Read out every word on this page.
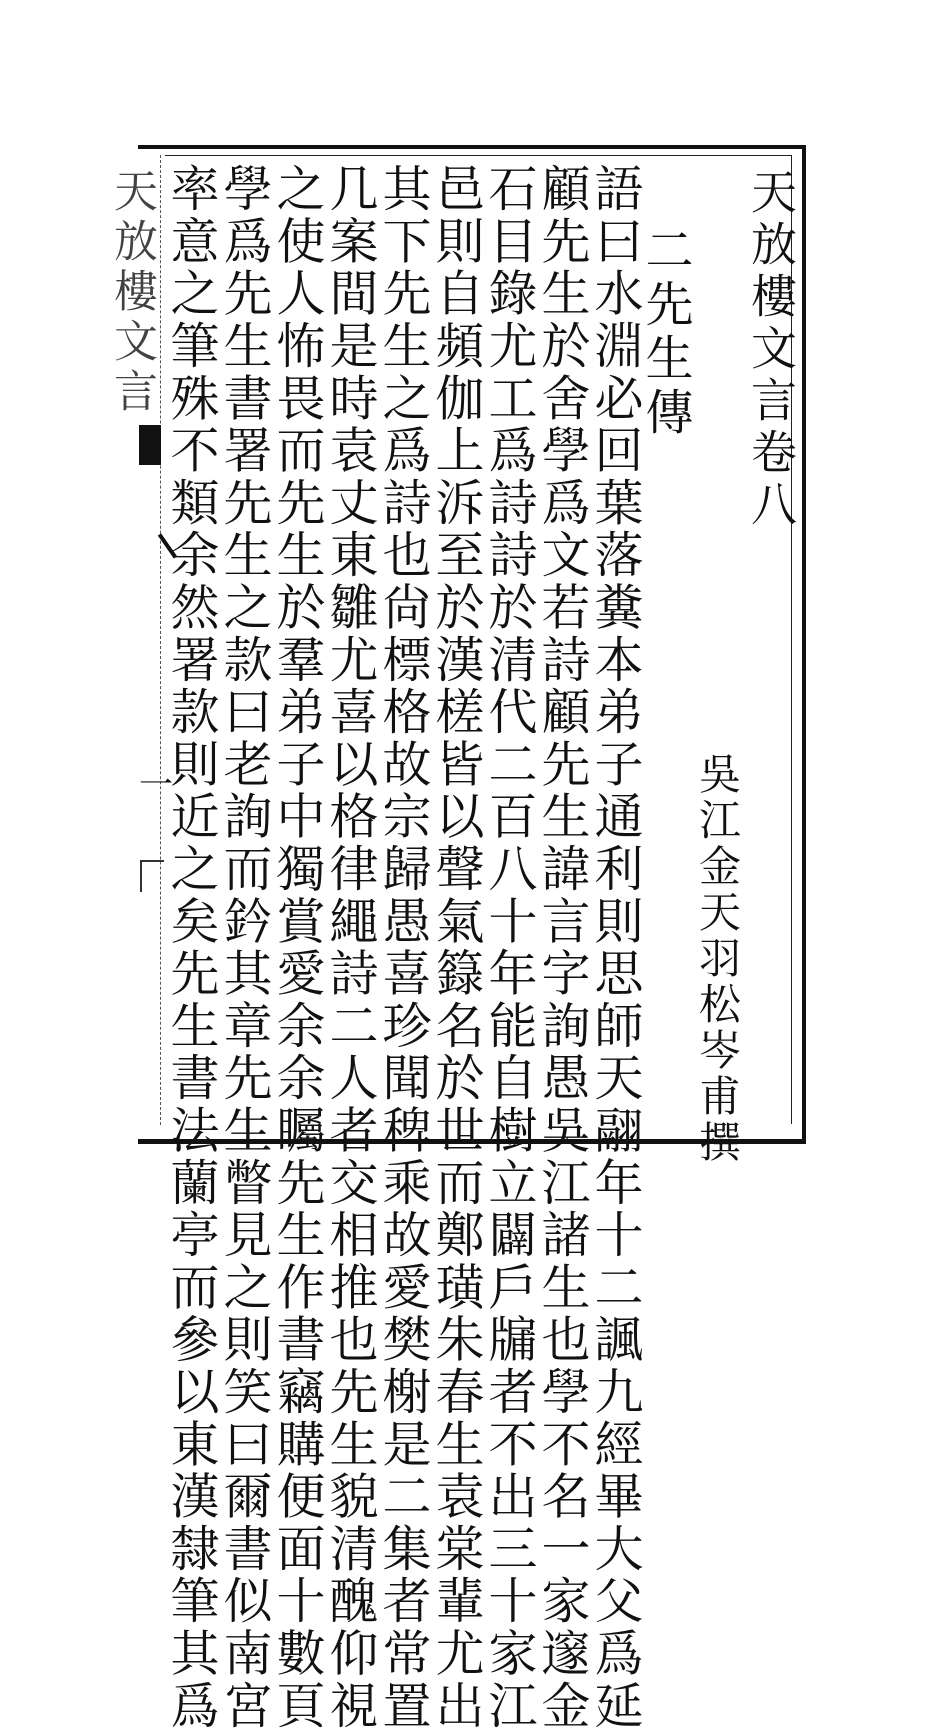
天放樓文言
一
天放樓文言卷八
吳江金天羽松岑甫撰
二先生傳
語曰水淵必回葉落糞本弟子通利則思師天翮年十二諷九經畢大父爲延
顧先生於舍學爲文若詩顧先生諱言字詢愚吳江諸生也學不名一家邃金
石目錄尤工爲詩詩於清代二百八十年能自樹立闢戶牖者不出三十家江
邑則自頻伽上泝至於漢槎皆以聲氣籙名於世而鄭璜朱春生袁棠輩尤出
其下先生之爲詩也尙標格故宗歸愚喜珍聞稗乘故愛樊榭是二集者常置
几案間是時袁丈東雛尤喜以格律繩詩二人者交相推也先生貌清醜仰視
之使人怖畏而先生於羣弟子中獨賞愛余余矚先生作書竊購便面十數頁
學爲先生書署先生之款曰老詢而鈐其章先生瞥見之則笑曰爾書似南宮
率意之筆殊不類余然署款則近之矣先生書法蘭亭而參以東漢隸筆其爲
